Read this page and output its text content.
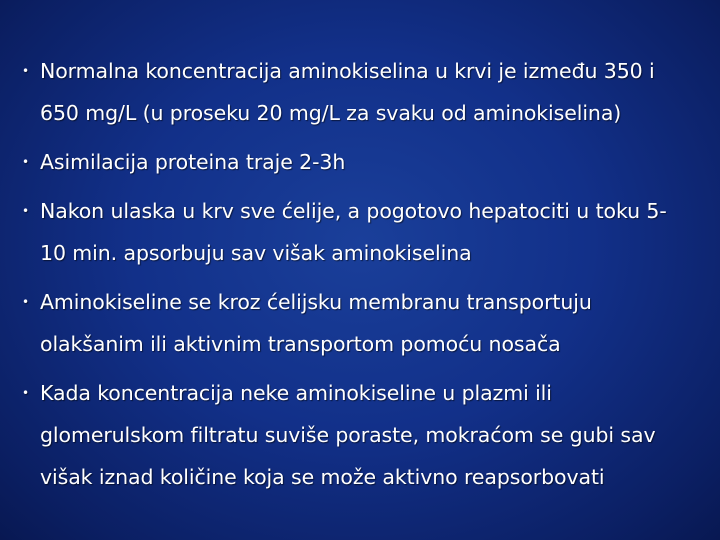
• Normalna koncentracija aminokiselina u krvi je između 350 i 650 mg/L (u proseku 20 mg/L za svaku od aminokiselina)
• Asimilacija proteina traje 2-3h
• Nakon ulaska u krv sve ćelije, a pogotovo hepatociti u toku 5-10 min. apsorbuju sav višak aminokiselina
• Aminokiseline se kroz ćelijsku membranu transportuju olakšanim ili aktivnim transportom pomoću nosača
• Kada koncentracija neke aminokiseline u plazmi ili glomerulskom filtratu suviše poraste, mokraćom se gubi sav višak iznad količine koja se može aktivno reapsorbovati
